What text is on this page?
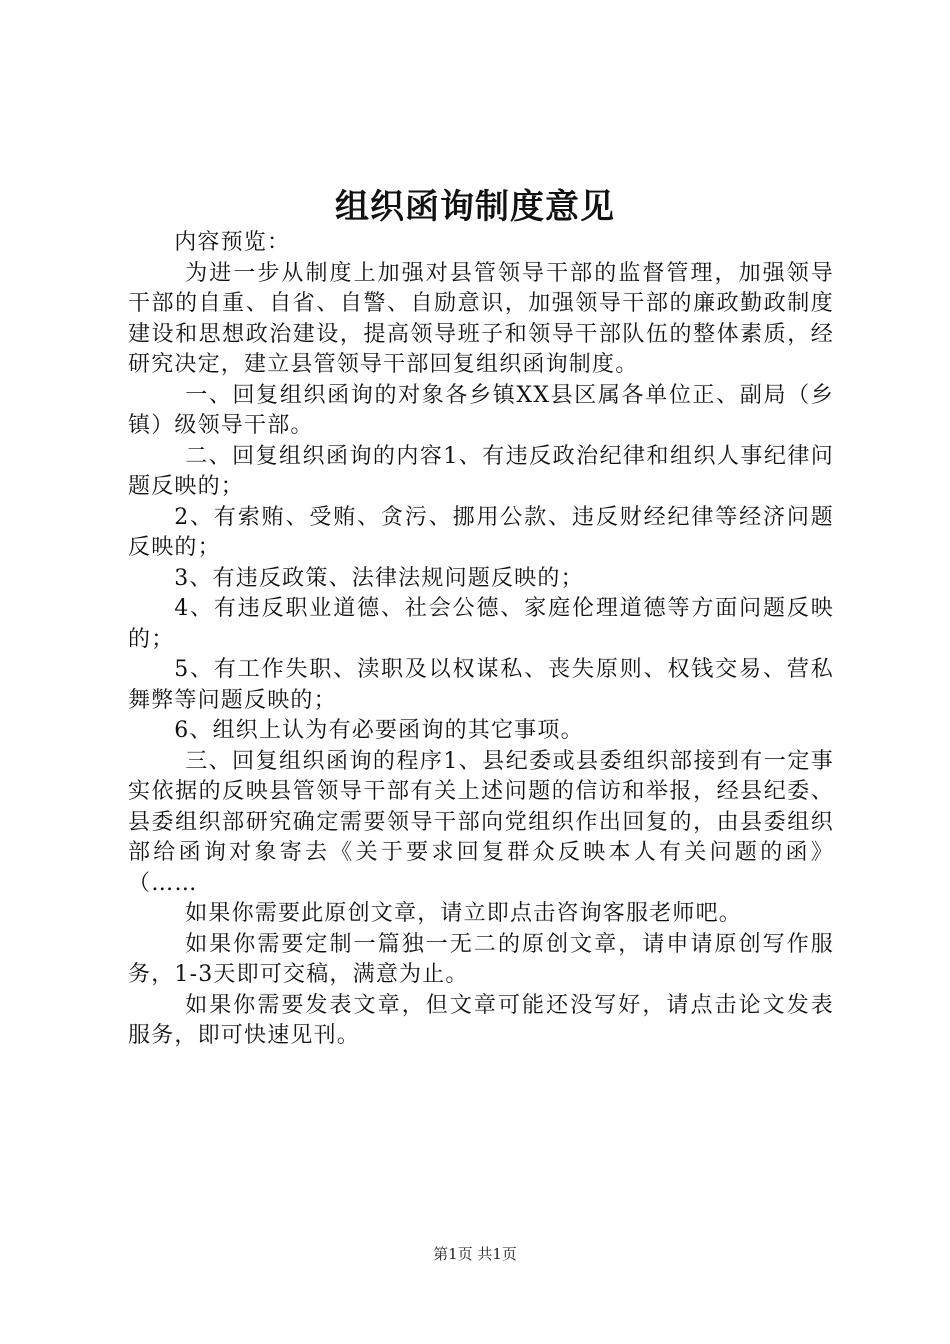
组织函询制度意见

内容预览：

为进一步从制度上加强对县管领导干部的监督管理，加强领导干部的自重、自省、自警、自励意识，加强领导干部的廉政勤政制度建设和思想政治建设，提高领导班子和领导干部队伍的整体素质，经研究决定，建立县管领导干部回复组织函询制度。

一、回复组织函询的对象各乡镇XX县区属各单位正、副局（乡镇）级领导干部。

二、回复组织函询的内容1、有违反政治纪律和组织人事纪律问题反映的；

2、有索贿、受贿、贪污、挪用公款、违反财经纪律等经济问题反映的；

3、有违反政策、法律法规问题反映的；

4、有违反职业道德、社会公德、家庭伦理道德等方面问题反映的；

5、有工作失职、渎职及以权谋私、丧失原则、权钱交易、营私舞弊等问题反映的；

6、组织上认为有必要函询的其它事项。

三、回复组织函询的程序1、县纪委或县委组织部接到有一定事实依据的反映县管领导干部有关上述问题的信访和举报，经县纪委、县委组织部研究确定需要领导干部向党组织作出回复的，由县委组织部给函询对象寄去《关于要求回复群众反映本人有关问题的函》（……

如果你需要此原创文章，请立即点击咨询客服老师吧。

如果你需要定制一篇独一无二的原创文章，请申请原创写作服务，1-3天即可交稿，满意为止。

如果你需要发表文章，但文章可能还没写好，请点击论文发表服务，即可快速见刊。

第1页 共1页
